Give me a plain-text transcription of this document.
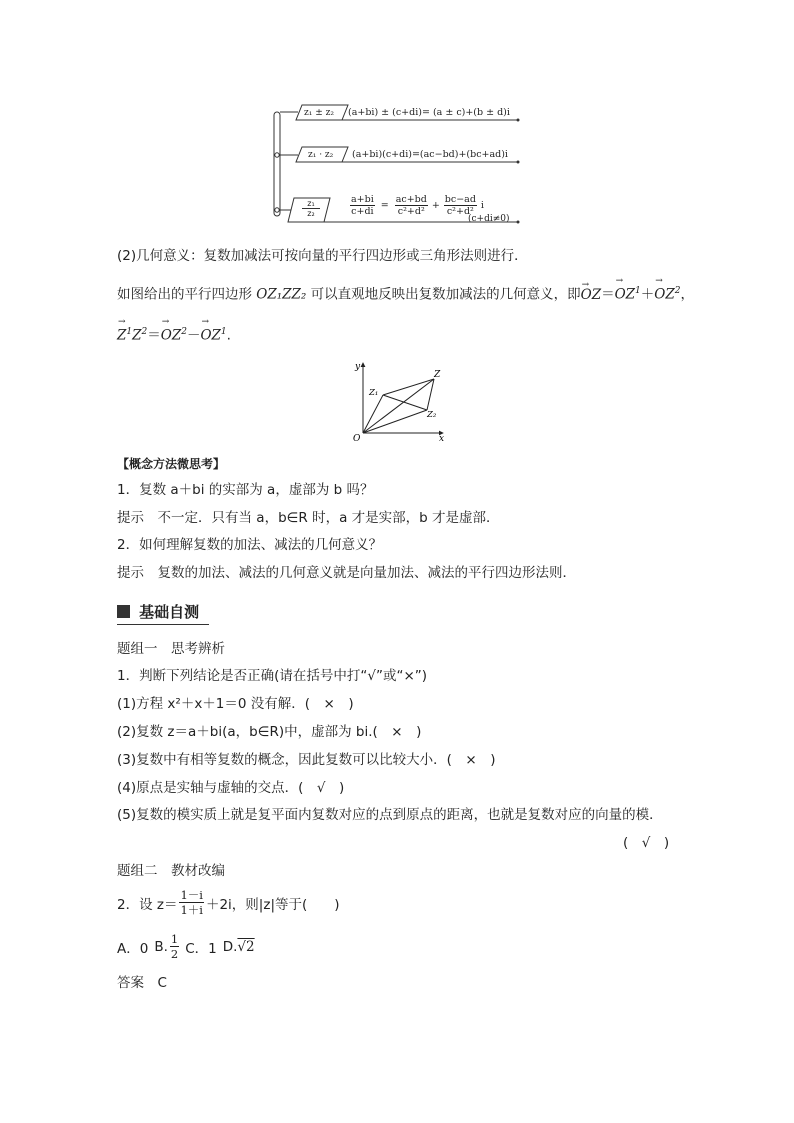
z₁ ± z₂ (a+bi) ± (c+di)= (a ± c)+(b ± d)i
z₁ · z₂ (a+bi)(c+di)=(ac−bd)+(bc+ad)i
$\frac{\text{z₁}}{\text{z₂}}$	$\frac{a+bi}{c+di} = \frac{ac+bd}{\text{c²+d²}} + \frac{bc-ad}{\text{c²+d²}}$ i
(c+di≠0)
(2)几何意义：复数加减法可按向量的平行四边形或三角形法则进行．
如图给出的平行四边形 OZ₁ZZ₂ 可以直观地反映出复数加减法的几何意义，即→ $OZ=\to OZ^1+\to OZ^2$，
→ $Z^1Z^2=\to OZ^2-\to OZ^1$.
y
x
O
Z
Z₁
Z₂
【概念方法微思考】
1．复数 a＋bi 的实部为 a，虚部为 b 吗？
提示　不一定．只有当 a，b∈R 时，a 才是实部，b 才是虚部．
2．如何理解复数的加法、减法的几何意义？
提示　复数的加法、减法的几何意义就是向量加法、减法的平行四边形法则．
基础自测
题组一　思考辨析
1．判断下列结论是否正确(请在括号中打“√”或“×”)
(1)方程 x²＋x＋1＝0 没有解．(　×　)
(2)复数 z＝a＋bi(a，b∈R)中，虚部为 bi.(　×　)
(3)复数中有相等复数的概念，因此复数可以比较大小．(　×　)
(4)原点是实轴与虚轴的交点．(　√　)
(5)复数的模实质上就是复平面内复数对应的点到原点的距离，也就是复数对应的向量的模．
(　√　)
题组二　教材改编
2．设 $z= \frac{1-i}{1+i} +2i$，则|z|等于(　　)
A．0 B. $\frac{1}{2}$ C．1 D. √2
答案　C
